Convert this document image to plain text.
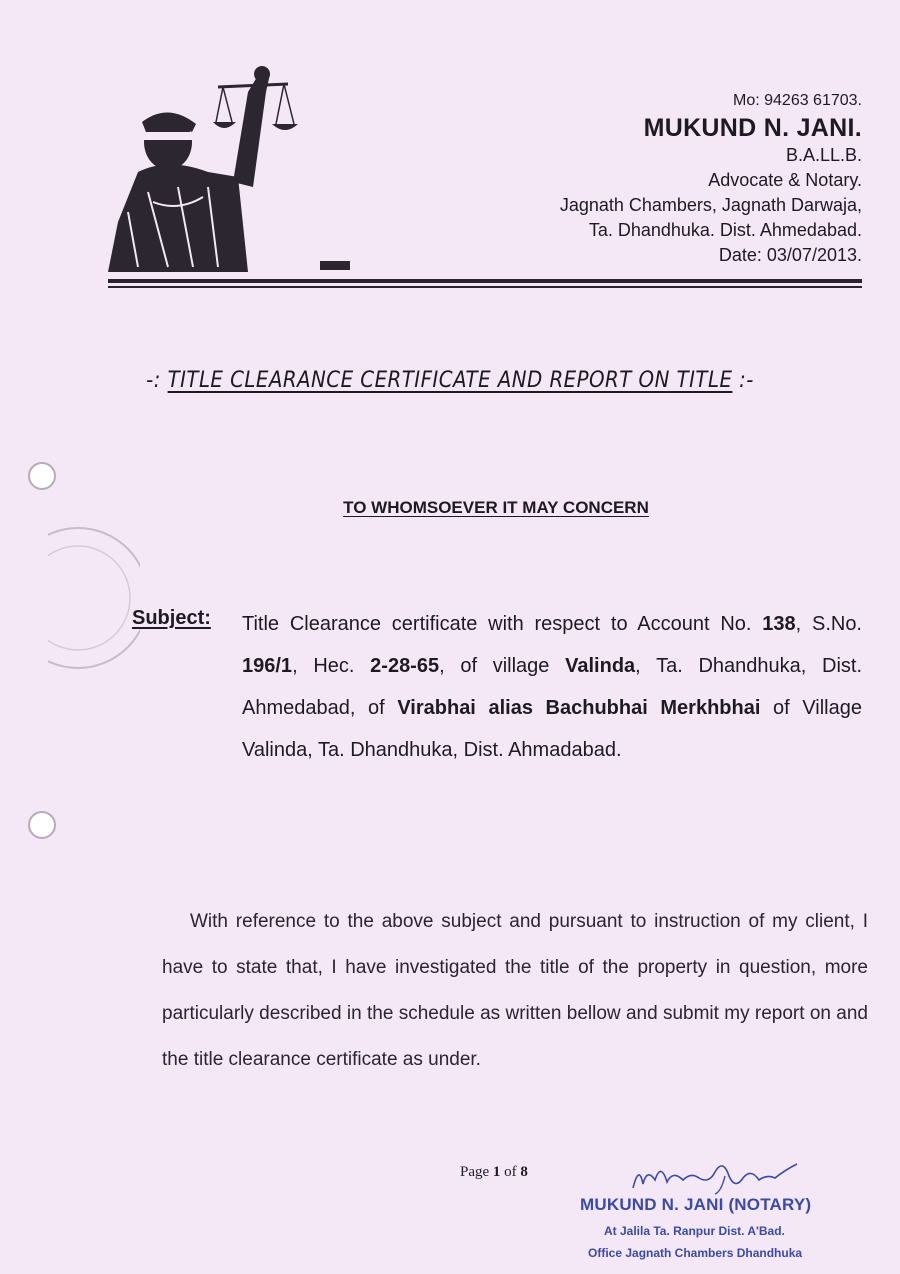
Mo: 94263 61703.
MUKUND N. JANI.
B.A.LL.B.
Advocate & Notary.
Jagnath Chambers, Jagnath Darwaja,
Ta. Dhandhuka. Dist. Ahmedabad.
Date: 03/07/2013.
-: TITLE CLEARANCE CERTIFICATE AND REPORT ON TITLE :-
TO WHOMSOEVER IT MAY CONCERN
Subject: Title Clearance certificate with respect to Account No. 138, S.No. 196/1, Hec. 2-28-65, of village Valinda, Ta. Dhandhuka, Dist. Ahmedabad, of Virabhai alias Bachubhai Merkhbhai of Village Valinda, Ta. Dhandhuka, Dist. Ahmadabad.
With reference to the above subject and pursuant to instruction of my client, I have to state that, I have investigated the title of the property in question, more particularly described in the schedule as written bellow and submit my report on and the title clearance certificate as under.
Page 1 of 8
MUKUND N. JANI (NOTARY)
At Jalila Ta. Ranpur Dist. A'Bad.
Office Jagnath Chambers Dhandhuka
